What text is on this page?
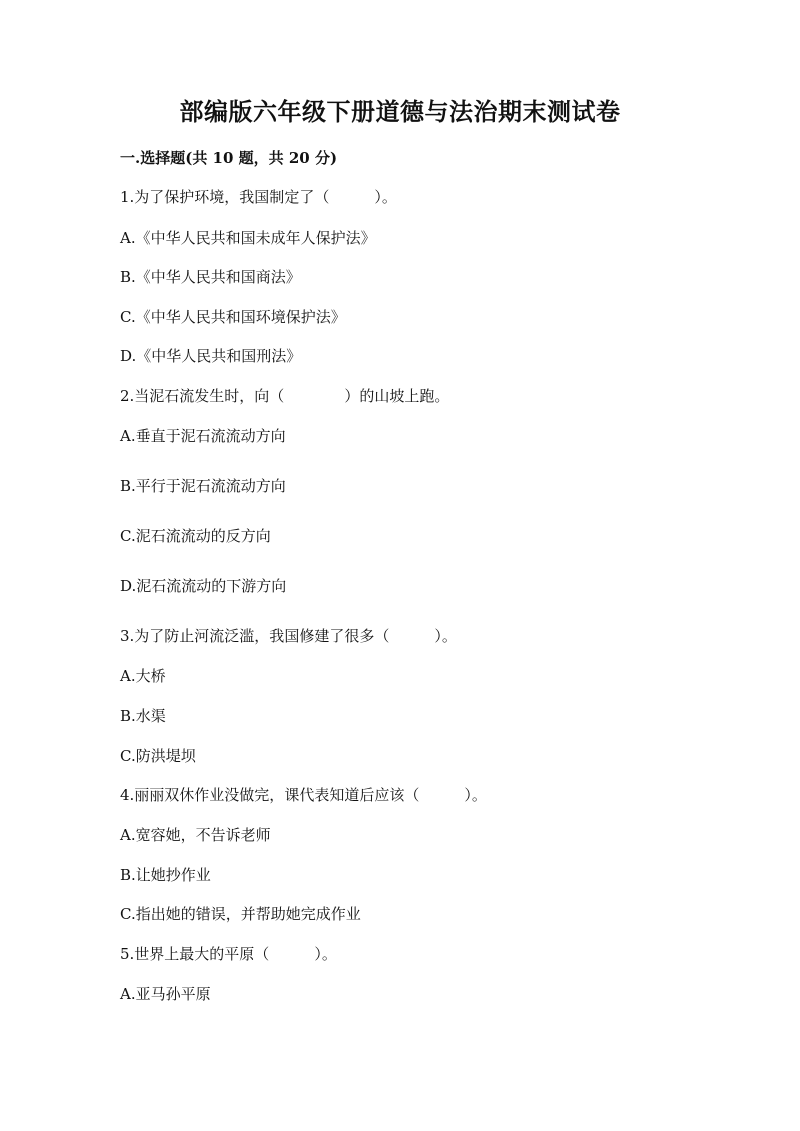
部编版六年级下册道德与法治期末测试卷
一.选择题(共 10 题，共 20 分)
1.为了保护环境，我国制定了（　　　）。
A.《中华人民共和国未成年人保护法》
B.《中华人民共和国商法》
C.《中华人民共和国环境保护法》
D.《中华人民共和国刑法》
2.当泥石流发生时，向（　　　　）的山坡上跑。
A.垂直于泥石流流动方向
B.平行于泥石流流动方向
C.泥石流流动的反方向
D.泥石流流动的下游方向
3.为了防止河流泛滥，我国修建了很多（　　　）。
A.大桥
B.水渠
C.防洪堤坝
4.丽丽双休作业没做完，课代表知道后应该（　　　）。
A.宽容她，不告诉老师
B.让她抄作业
C.指出她的错误，并帮助她完成作业
5.世界上最大的平原（　　　）。
A.亚马孙平原
